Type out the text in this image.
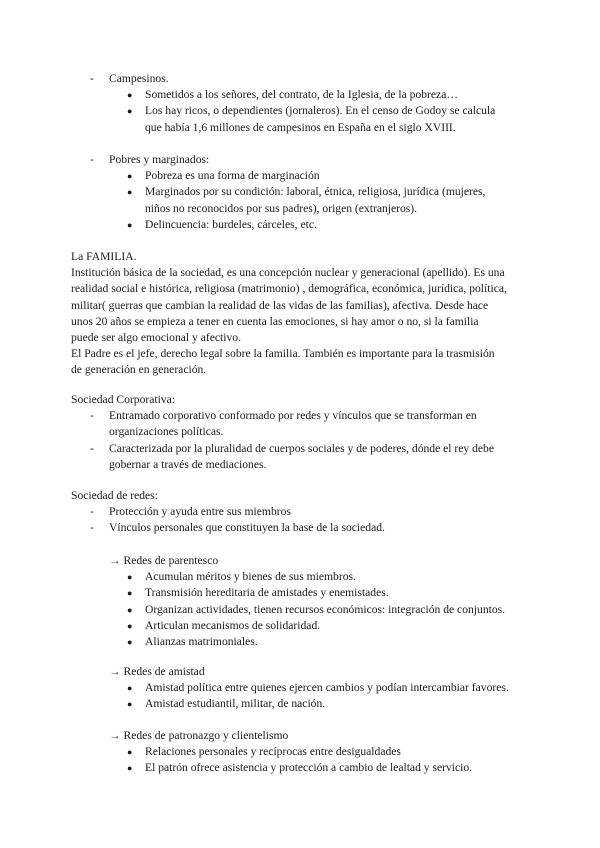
- Campesinos.
● Sometidos a los señores, del contrato, de la Iglesia, de la pobreza…
● Los hay ricos, o dependientes (jornaleros). En el censo de Godoy se calcula
que había 1,6 millones de campesinos en España en el siglo XVIII.
- Pobres y marginados:
● Pobreza es una forma de marginación
● Marginados por su condición: laboral, étnica, religiosa, jurídica (mujeres,
niños no reconocidos por sus padres), origen (extranjeros).
● Delincuencia: burdeles, cárceles, etc.
La FAMILIA.
Institución básica de la sociedad, es una concepción nuclear y generacional (apellido). Es una
realidad social e histórica, religiosa (matrimonio) , demográfica, económica, jurídica, política,
militar( guerras que cambian la realidad de las vidas de las familias), afectiva. Desde hace
unos 20 años se empieza a tener en cuenta las emociones, si hay amor o no, si la familia
puede ser algo emocional y afectivo.
El Padre es el jefe, derecho legal sobre la familia. También es importante para la trasmisión
de generación en generación.
Sociedad Corporativa:
- Entramado corporativo conformado por redes y vínculos que se transforman en
organizaciones políticas.
- Caracterizada por la pluralidad de cuerpos sociales y de poderes, dónde el rey debe
gobernar a través de mediaciones.
Sociedad de redes:
- Protección y ayuda entre sus miembros
- Vínculos personales que constituyen la base de la sociedad.
→ Redes de parentesco
● Acumulan méritos y bienes de sus miembros.
● Transmisión hereditaria de amistades y enemistades.
● Organizan actividades, tienen recursos económicos: integración de conjuntos.
● Articulan mecanismos de solidaridad.
● Alianzas matrimoniales.
→ Redes de amistad
● Amistad política entre quienes ejercen cambios y podían intercambiar favores.
● Amistad estudiantil, militar, de nación.
→ Redes de patronazgo y clientelismo
● Relaciones personales y recíprocas entre desigualdades
● El patrón ofrece asistencia y protección a cambio de lealtad y servicio.
